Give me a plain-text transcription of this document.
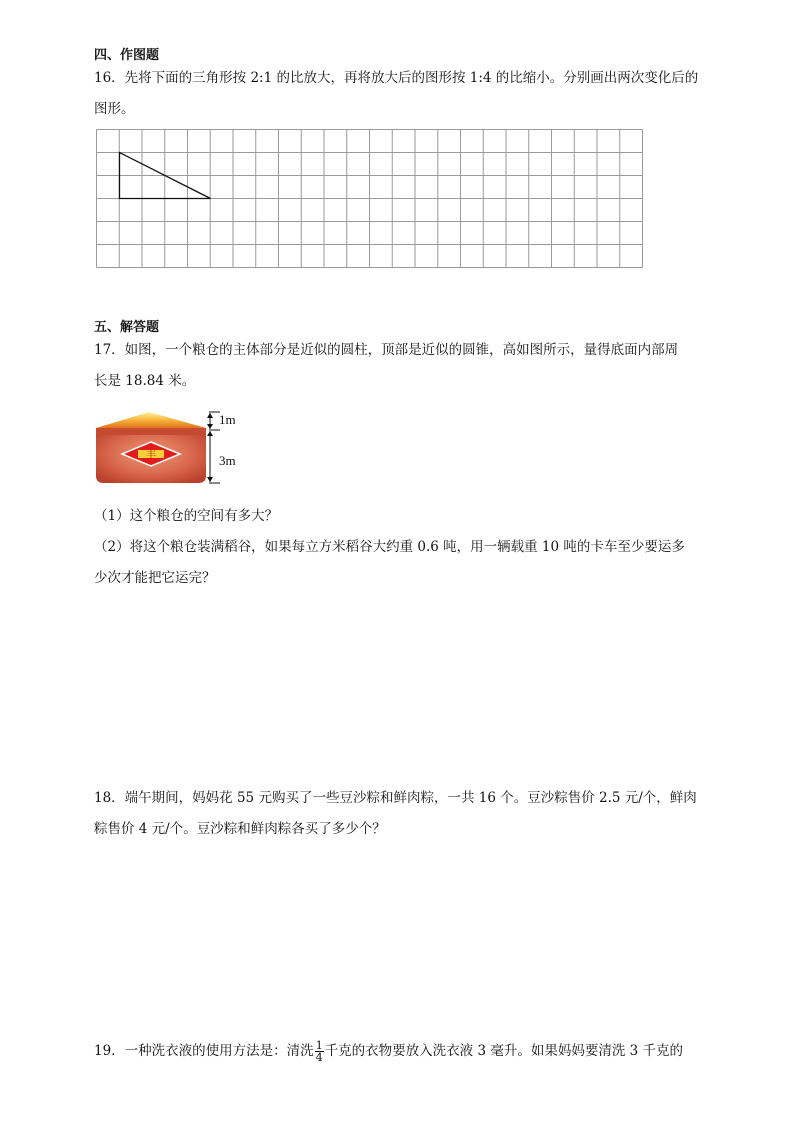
四、作图题
16．先将下面的三角形按 2:1 的比放大，再将放大后的图形按 1:4 的比缩小。分别画出两次变化后的
图形。
五、解答题
17．如图，一个粮仓的主体部分是近似的圆柱，顶部是近似的圆锥，高如图所示，量得底面内部周
长是 18.84 米。
丰
1m
3m
（1）这个粮仓的空间有多大？
（2）将这个粮仓装满稻谷，如果每立方米稻谷大约重 0.6 吨，用一辆载重 10 吨的卡车至少要运多
少次才能把它运完？
18．端午期间，妈妈花 55 元购买了一些豆沙粽和鲜肉粽，一共 16 个。豆沙粽售价 2.5 元/个，鲜肉
粽售价 4 元/个。豆沙粽和鲜肉粽各买了多少个？
19．一种洗衣液的使用方法是：清洗 $\frac{1}{4}$ 千克的衣物要放入洗衣液 3 毫升。如果妈妈要清洗 3 千克的
